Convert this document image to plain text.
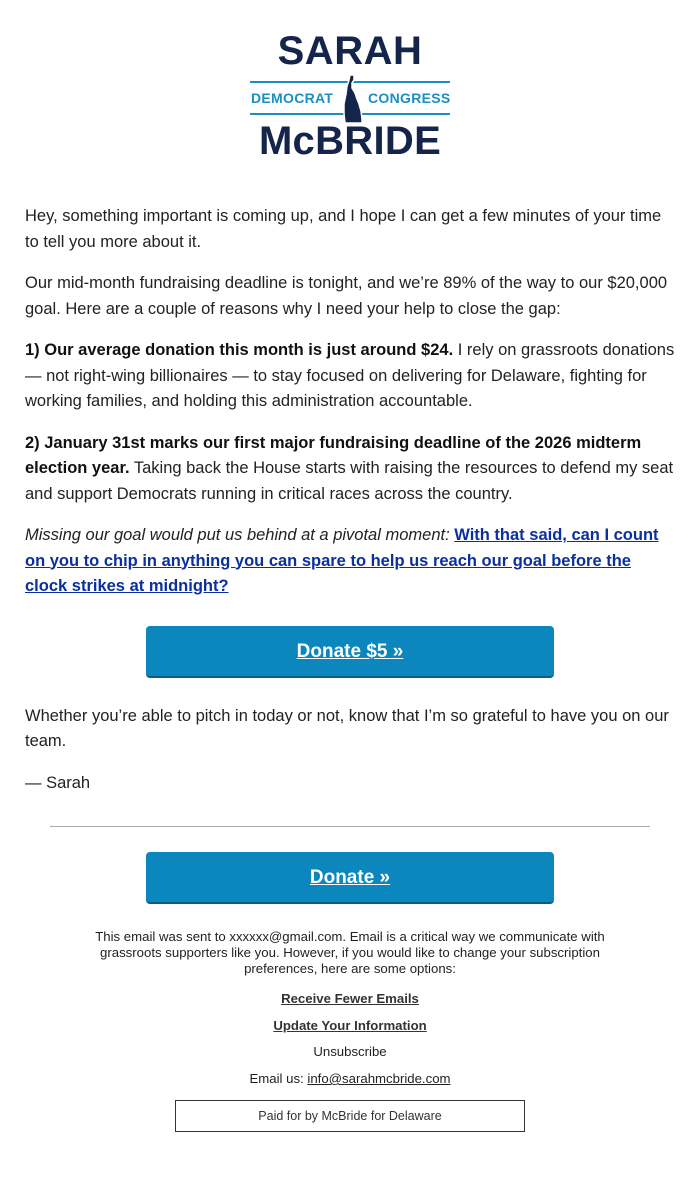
SARAH
DEMOCRAT CONGRESS
McBRIDE

Hey, something important is coming up, and I hope I can get a few minutes of your time to tell you more about it.

Our mid-month fundraising deadline is tonight, and we’re 89% of the way to our $20,000 goal. Here are a couple of reasons why I need your help to close the gap:

1) Our average donation this month is just around $24. I rely on grassroots donations — not right-wing billionaires — to stay focused on delivering for Delaware, fighting for working families, and holding this administration accountable.

2) January 31st marks our first major fundraising deadline of the 2026 midterm election year. Taking back the House starts with raising the resources to defend my seat and support Democrats running in critical races across the country.

Missing our goal would put us behind at a pivotal moment: With that said, can I count on you to chip in anything you can spare to help us reach our goal before the clock strikes at midnight?

Donate $5 »

Whether you’re able to pitch in today or not, know that I’m so grateful to have you on our team.

— Sarah

Donate »
This email was sent to xxxxxx@gmail.com. Email is a critical way we communicate with grassroots supporters like you. However, if you would like to change your subscription preferences, here are some options:
Receive Fewer Emails
Update Your Information
Unsubscribe
Email us: info@sarahmcbride.com
Paid for by McBride for Delaware
